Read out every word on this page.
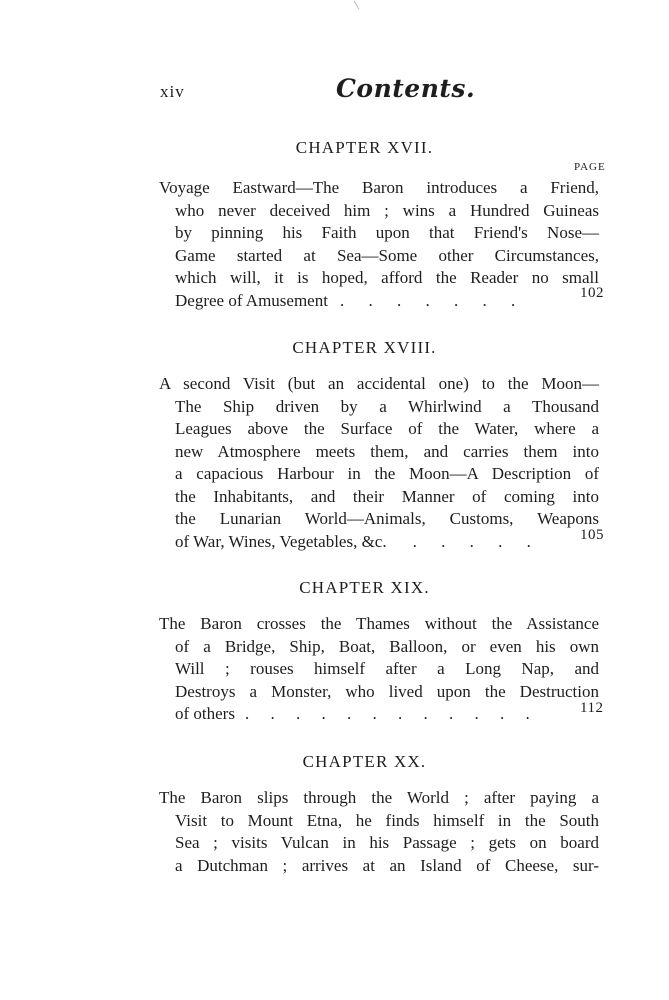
xiv	Contents.
CHAPTER XVII.
PAGE
Voyage Eastward—The Baron introduces a Friend,
who never deceived him ; wins a Hundred Guineas
by pinning his Faith upon that Friend's Nose—
Game started at Sea—Some other Circumstances,
which will, it is hoped, afford the Reader no small
Degree of Amusement . . . . . . .	102
CHAPTER XVIII.
A second Visit (but an accidental one) to the Moon—
The Ship driven by a Whirlwind a Thousand
Leagues above the Surface of the Water, where a
new Atmosphere meets them, and carries them into
a capacious Harbour in the Moon—A Description of
the Inhabitants, and their Manner of coming into
the Lunarian World—Animals, Customs, Weapons
of War, Wines, Vegetables, &c. . . . . .	105
CHAPTER XIX.
The Baron crosses the Thames without the Assistance
of a Bridge, Ship, Boat, Balloon, or even his own
Will ; rouses himself after a Long Nap, and
Destroys a Monster, who lived upon the Destruction
of others . . . . . . . . . . . .	112
CHAPTER XX.
The Baron slips through the World ; after paying a
Visit to Mount Etna, he finds himself in the South
Sea ; visits Vulcan in his Passage ; gets on board
a Dutchman ; arrives at an Island of Cheese, sur-
